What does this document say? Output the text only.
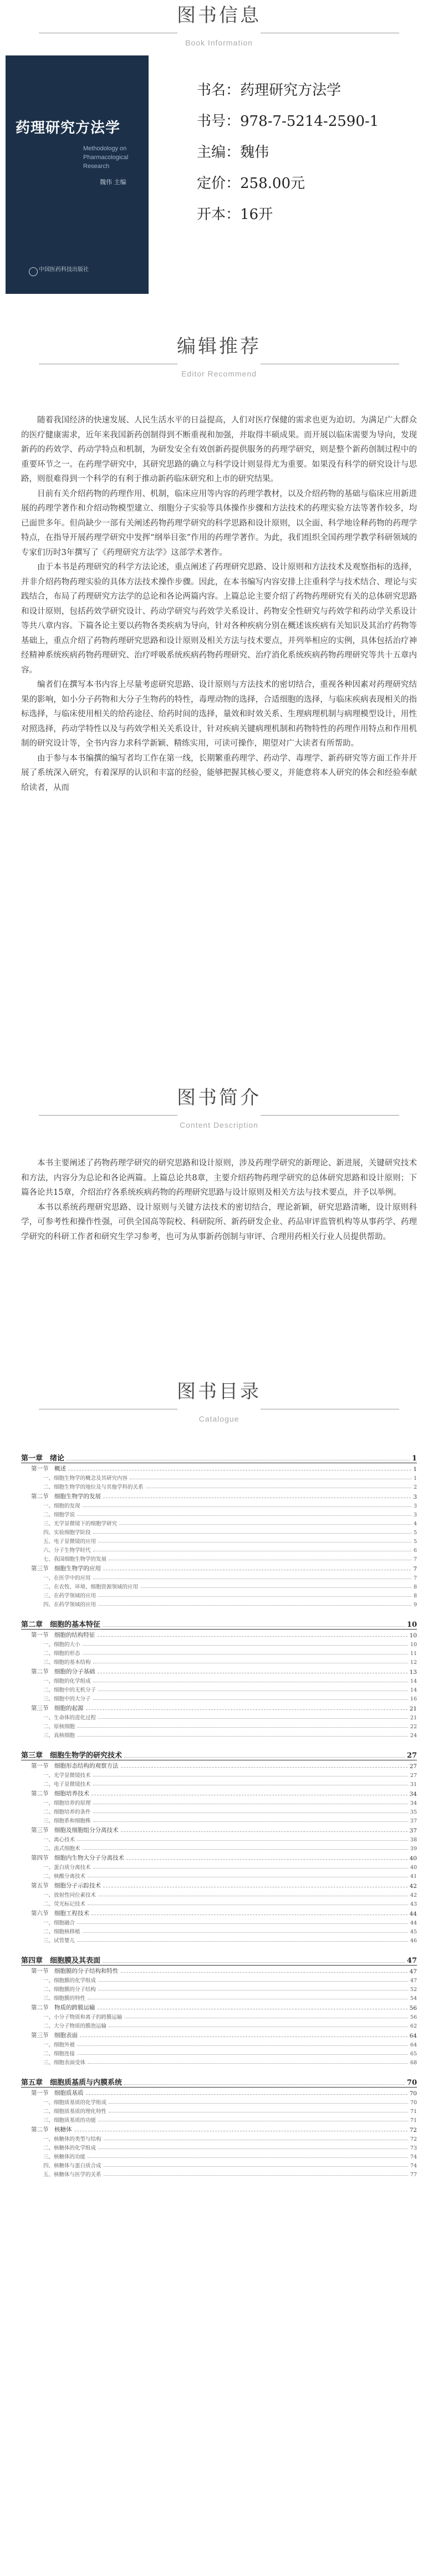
图书信息
Book Information
药理研究方法学
Methodology on Pharmacological Research
魏伟 主编
中国医药科技出版社
书名：药理研究方法学
书号：978-7-5214-2590-1
主编：魏伟
定价：258.00元
开本：16开
编辑推荐
Editor Recommend

随着我国经济的快速发展、人民生活水平的日益提高，人们对医疗保健的需求也更为迫切。为满足广大群众的医疗健康需求，近年来我国新药创制得到不断重视和加强，并取得丰硕成果。而开展以临床需要为导向，发现新药的药效学、药动学特点和机制，为研发安全有效创新药提供服务的药理学研究，则是整个新药创制过程中的重要环节之一。在药理学研究中，其研究思路的确立与科学设计则显得尤为重要。如果没有科学的研究设计与思路，则很难得到一个科学的有利于推动新药临床研究和上市的研究结果。

目前有关介绍药物的药理作用、机制，临床应用等内容的药理学教材，以及介绍药物的基础与临床应用新进展的药理学著作和介绍动物模型建立、细胞分子实验等具体操作步骤和方法技术的药理实验方法等著作较多，均已面世多年。但尚缺少一部有关阐述药物药理学研究的科学思路和设计原则，以全面、科学地诠释药物的药理学特点，在指导开展药理学研究中发挥“纲举目张”作用的药理学著作。为此，我们组织全国药理学教学科研领域的专家们历时3年撰写了《药理研究方法学》这部学术著作。

由于本书是药理研究的科学方法论述，重点阐述了药理研究思路、设计原则和方法技术及观察指标的选择，并非介绍药物药理实验的具体方法技术操作步骤。因此，在本书编写内容安排上注重科学与技术结合、理论与实践结合，布局了药理研究方法学的总论和各论两篇内容。上篇总论主要介绍了药物药理研究有关的总体研究思路和设计原则，包括药效学研究设计、药动学研究与药效学关系设计、药物安全性研究与药效学和药动学关系设计等共八章内容。下篇各论主要以药物各类疾病为导向，针对各种疾病分别在概述该疾病有关知识及其治疗药物等基础上，重点介绍了药物药理研究思路和设计原则及相关方法与技术要点，并列举相应的实例，具体包括治疗神经精神系统疾病药物药理研究、治疗呼吸系统疾病药物药理研究、治疗消化系统疾病药物药理研究等共十五章内容。

编者们在撰写本书内容上尽量考虑研究思路、设计原则与方法技术的密切结合，重视各种因素对药理研究结果的影响，如小分子药物和大分子生物药的特性，毒理动物的选择，合适细胞的选择，与临床疾病表现相关的指标选择，与临床使用相关的给药途径、给药时间的选择，量效和时效关系、生理病理机制与病理模型设计，用性对照选择，药动学特性以及与药效学相关关系设计，针对疾病关键病理机制和药物特性的药理作用特点和作用机制的研究设计等，全书内容力求科学新颖、精练实用，可读可操作，期望对广大读者有所帮助。

由于参与本书编撰的编写者均工作在第一线，长期繁重药理学、药动学、毒理学、新药研究等方面工作并开展了系统深入研究，有着深厚的认识和丰富的经验，能够把握其核心要义，并能意将本人研究的体会和经验奉献给读者，从而

图书简介
Content Description

本书主要阐述了药物药理学研究的研究思路和设计原则，涉及药理学研究的新理论、新进展，关键研究技术和方法，内容分为总论和各论两篇。上篇总论共8章，主要介绍药物药理学研究的总体研究思路和设计原则；下篇各论共15章，介绍治疗各系统疾病药物的药理研究思路与设计原则及相关方法与技术要点，并予以举例。

本书以系统药理研究思路、设计原则与关键方法技术的密切结合，理论新颖，研究思路清晰，设计原则科学，可参考性和操作性强，可供全国高等院校、科研院所、新药研发企业、药品审评监管机构等从事药学、药理学研究的科研工作者和研究生学习参考，也可为从事新药创制与审评、合理用药相关行业人员提供帮助。

图书目录
Catalogue
第一章　绪论	1
第一节　概述	1
一、细胞生物学的概念及其研究内容	1
二、细胞生物学的地位及与其他学科的关系	2
第二节　细胞生物学的发展	3
一、细胞的发现	3
二、细胞学说	3
三、光学显微镜下的细胞学研究	4
四、实验细胞学阶段	5
五、电子显微镜的应用	5
六、分子生物学时代	6
七、我国细胞生物学的发展	7
第三节　细胞生物学的应用	7
一、在医学中的应用	7
二、在农牧、环境、细胞资源领域的应用	8
三、在药学领域的应用	8
四、在药学领域的应用	9
第二章　细胞的基本特征	10
第一节　细胞的结构特征	10
一、细胞的大小	10
二、细胞的形态	11
三、细胞的基本结构	12
第二节　细胞的分子基础	13
一、细胞的化学组成	14
二、细胞中的无机分子	14
三、细胞中的大分子	16
第三节　细胞的起源	21
一、生命体的进化过程	21
二、原核细胞	22
三、真核细胞	24
第三章　细胞生物学的研究技术	27
第一节　细胞形态结构的观察方法	27
一、光学显微镜技术	27
二、电子显微镜技术	31
第二节　细胞培养技术	34
一、细胞培养的原理	34
二、细胞培养的条件	35
三、细胞系和细胞株	37
第三节　细胞及细胞组分分离技术	37
一、离心技术	38
二、流式细胞术	39
第四节　细胞内生物大分子分离技术	40
一、蛋白质分离技术	40
二、核酸分离技术	41
第五节　细胞分子示踪技术	42
一、放射性同位素技术	42
二、荧光标记技术	43
第六节　细胞工程技术	44
一、细胞融合	44
二、细胞核移植	45
三、试管婴儿	46
第四章　细胞膜及其表面	47
第一节　细胞膜的分子结构和特性	47
一、细胞膜的化学组成	47
二、细胞膜的分子结构	52
三、细胞膜的特性	54
第二节　物质的跨膜运输	56
一、小分子物质和离子的跨膜运输	56
二、大分子物质的膜泡运输	62
第三节　细胞表面	64
一、细胞外被	64
二、细胞连接	65
三、细胞表面受体	68
第五章　细胞质基质与内膜系统	70
第一节　细胞质基质	70
一、细胞质基质的化学组成	70
二、细胞质基质的理化特性	71
三、细胞质基质的功能	71
第二节　核糖体	72
一、核糖体的类型与结构	72
二、核糖体的化学组成	73
三、核糖体的功能	74
四、核糖体与蛋白质合成	74
五、核糖体与医学的关系	77
